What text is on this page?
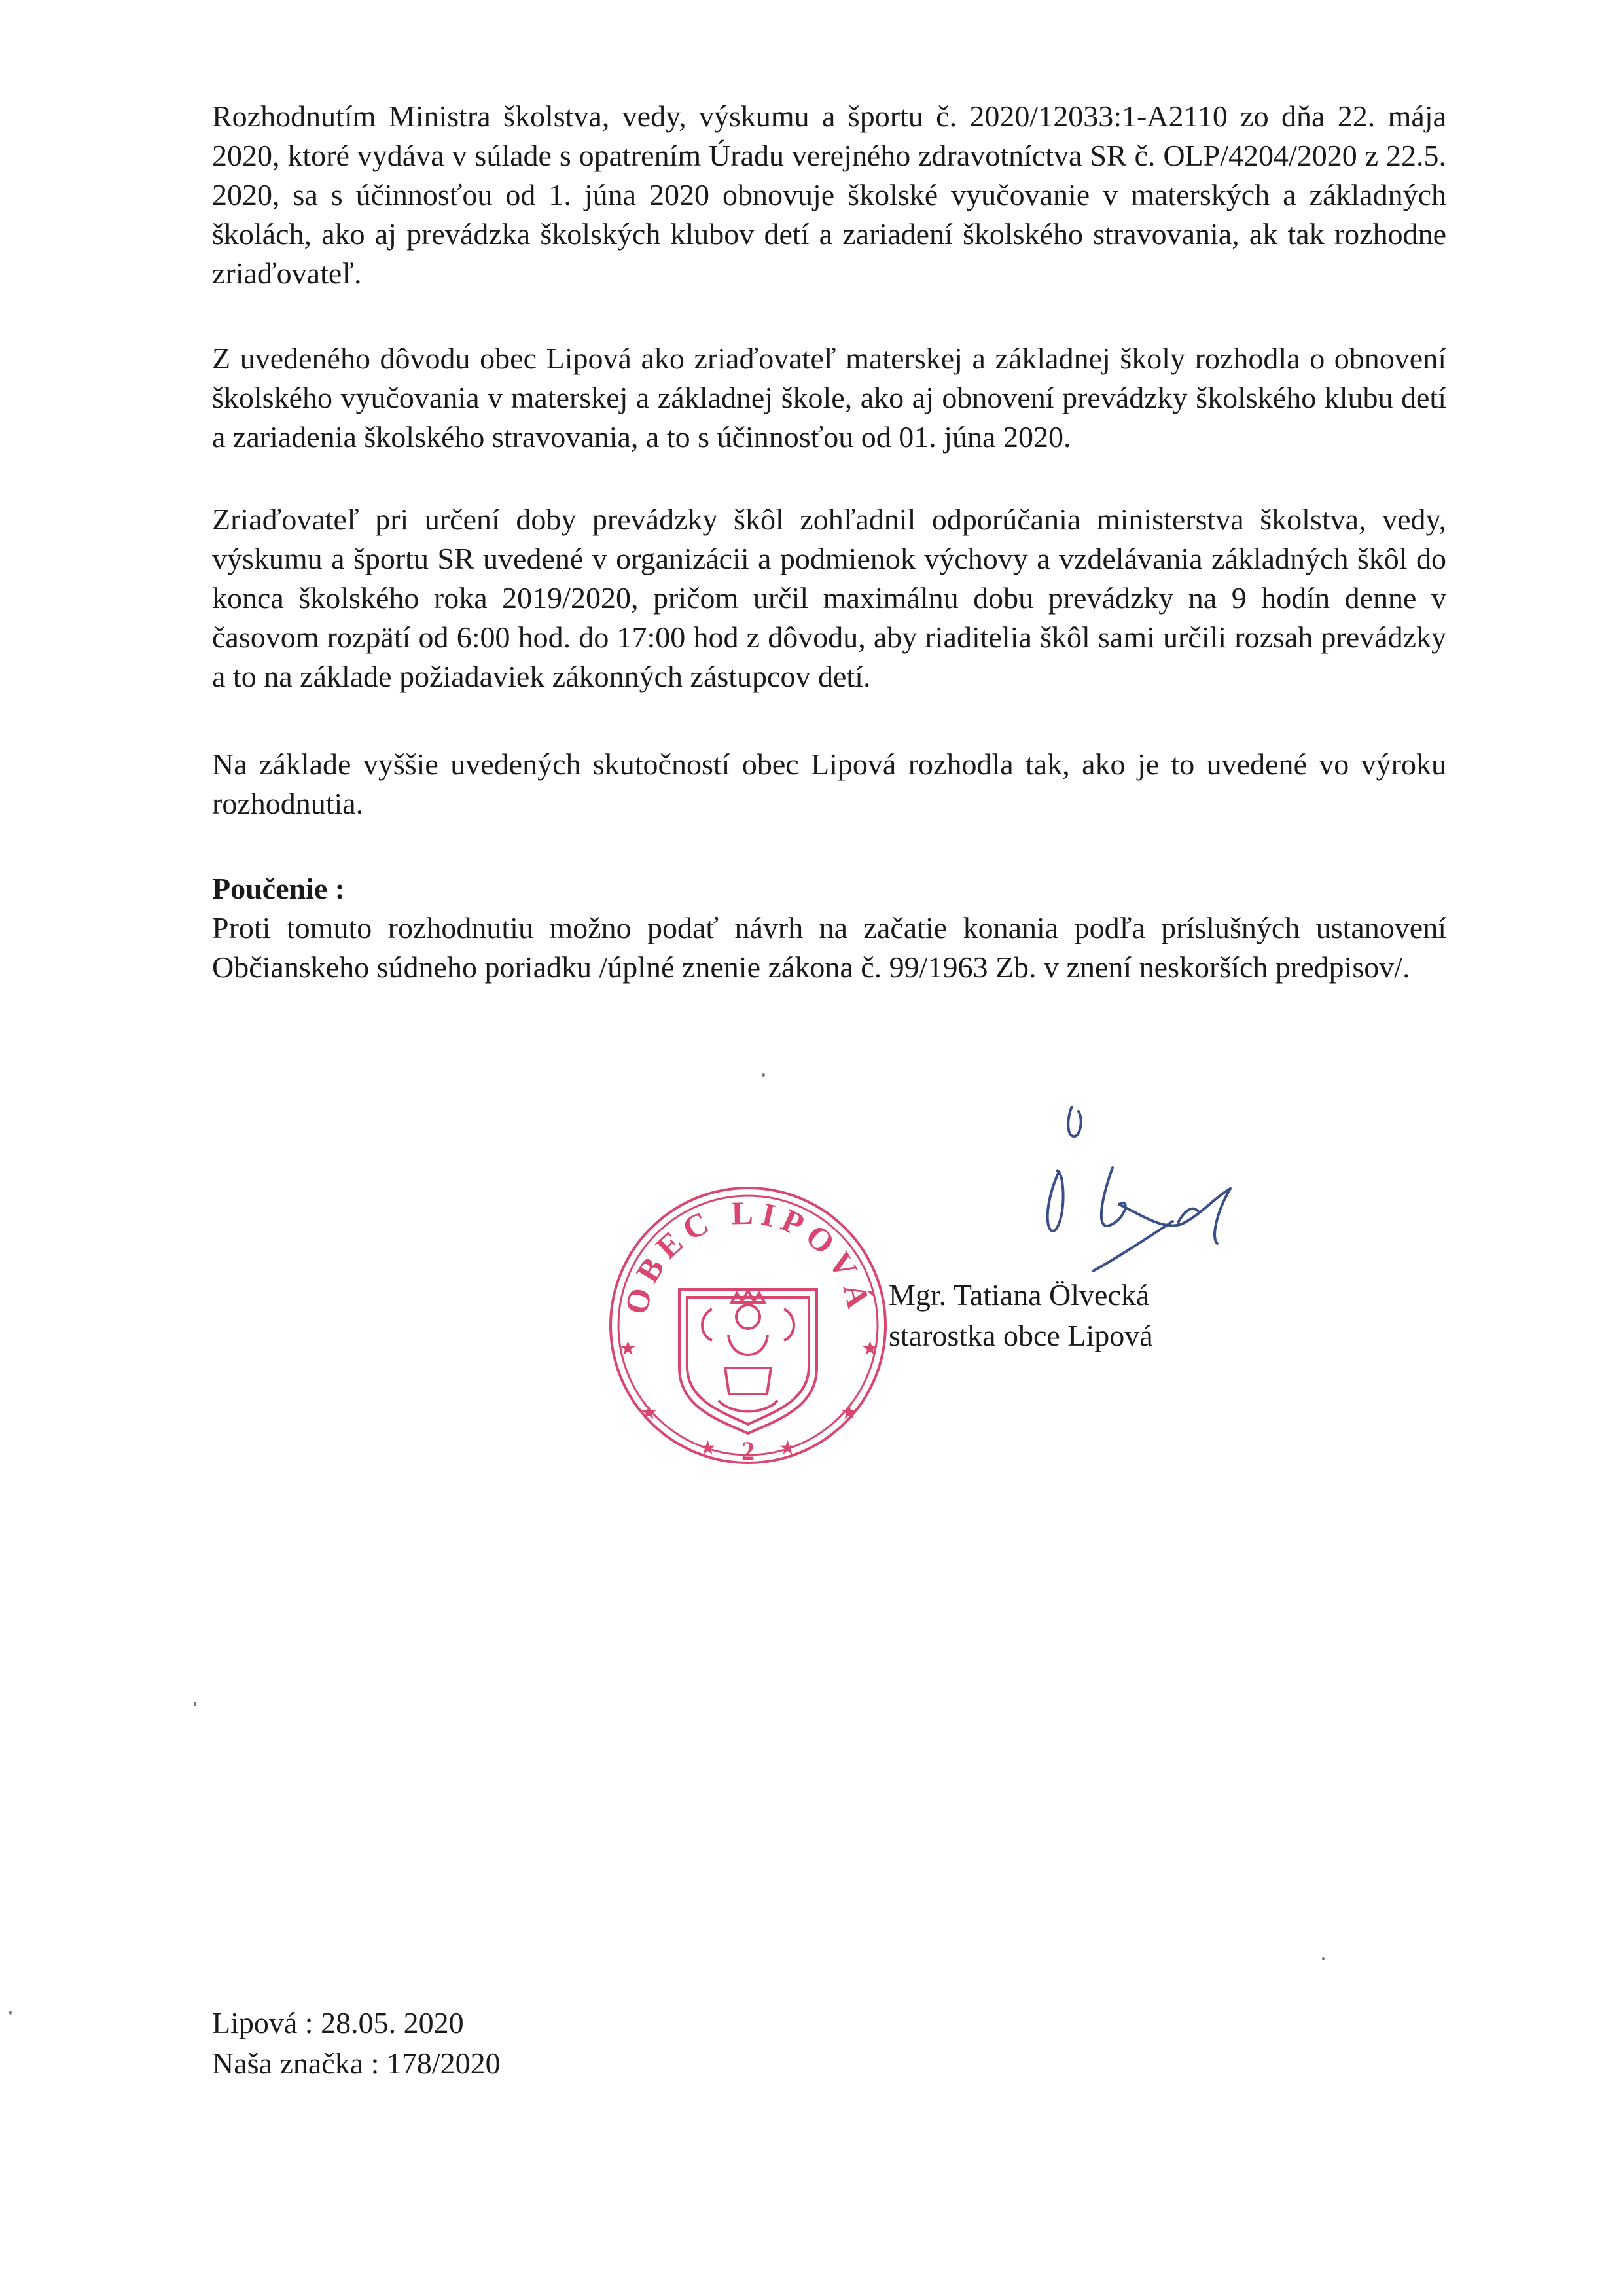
Rozhodnutím Ministra školstva, vedy, výskumu a športu č. 2020/12033:1-A2110 zo dňa 22. mája 2020, ktoré vydáva v súlade s opatrením Úradu verejného zdravotníctva SR č. OLP/4204/2020 z 22.5. 2020, sa s účinnosťou od 1. júna 2020 obnovuje školské vyučovanie v materských a základných školách, ako aj prevádzka školských klubov detí a zariadení školského stravovania, ak tak rozhodne zriaďovateľ.

Z uvedeného dôvodu obec Lipová ako zriaďovateľ materskej a základnej školy rozhodla o obnovení školského vyučovania v materskej a základnej škole, ako aj obnovení prevádzky školského klubu detí a zariadenia školského stravovania, a to s účinnosťou od 01. júna 2020.

Zriaďovateľ pri určení doby prevádzky škôl zohľadnil odporúčania ministerstva školstva, vedy, výskumu a športu SR uvedené v organizácii a podmienok výchovy a vzdelávania základných škôl do konca školského roka 2019/2020, pričom určil maximálnu dobu prevádzky na 9 hodín denne v časovom rozpätí od 6:00 hod. do 17:00 hod z dôvodu, aby riaditelia škôl sami určili rozsah prevádzky a to na základe požiadaviek zákonných zástupcov detí.

Na základe vyššie uvedených skutočností obec Lipová rozhodla tak, ako je to uvedené vo výroku rozhodnutia.

Poučenie :

Proti tomuto rozhodnutiu možno podať návrh na začatie konania podľa príslušných ustanovení Občianskeho súdneho poriadku /úplné znenie zákona č. 99/1963 Zb. v znení neskorších predpisov/.

OBEC LIPOVÁ
★	★
★	★
★	★
2

Mgr. Tatiana Ölvecká
starostka obce Lipová

Lipová : 28.05. 2020
Naša značka : 178/2020
